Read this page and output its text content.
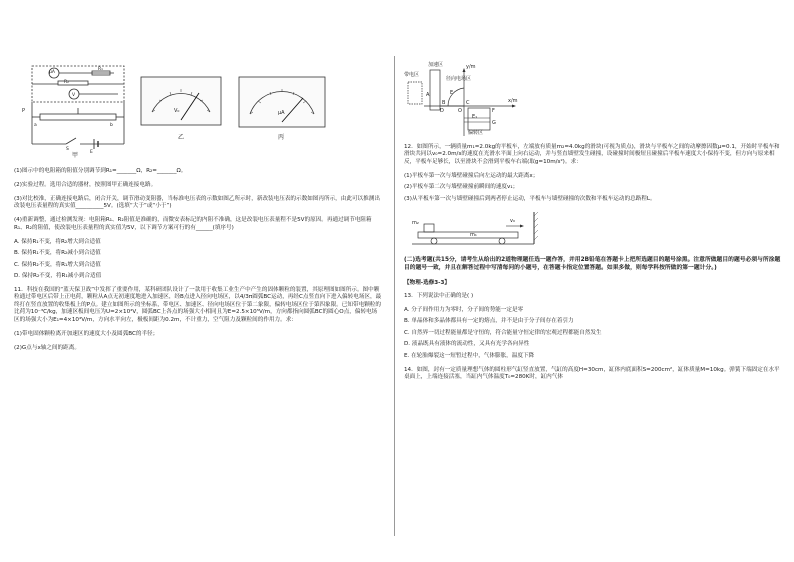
μA
V
R₁
R₂
P
a	b
S
E
V₀	μA
甲
乙	丙

(1)图示中的电阻箱的阻值分别调节到R₁=_______Ω，R₂=_______Ω。

(2)实验过程。选用合适的器材，按照图甲正确连接电路。

(3)对比校准，正确连接电路后，闭合开关，调节滑动变阻器，当标准电压表的示数如图乙所示时，新改装电压表的示数如图丙所示，由此可以推测出改装电压表量程的真实值__________5V。(选填“大于”或“小于”)

(4)重新调整，通过检测发现：电阻箱R₁、R₂阻值是准确的，而微安表标记的内阻不准确，这是改装电压表量程不是5V的原因。再通过调节电阻箱R₁、R₂的阻值，使改装电压表量程的真实值为5V，以下调节方案可行的有______(填序号)

A. 保持R₁不变，将R₂增大到合适值

B. 保持R₁不变，将R₂减小到合适值

C. 保持R₂不变，将R₁增大到合适值

D. 保持R₂不变，将R₁减小到合适值

11．科技在我国的“蓝天保卫战”中发挥了重要作用，某科研团队设计了一款用于收集工业生产中产生的固体颗粒的装置，其原理图如图所示。图中颗粒通过带电区后带上正电荷，颗粒从A点无初速度地进入加速区，经B点进入径向电场区，以4/3π圆弧BC运动，再经C点竖直向下进入偏转电场区，最终打在竖直放置的收集板上的P点。建立如图所示的坐标系，带电区、加速区、径向电场区位于第二象限，偏转电场区位于第四象限。已知带电颗粒的比荷为10⁻³C/kg，加速区板间电压为U=2×10⁴V，圆弧BC上各点的场强大小相同且为E=2.5×10⁵V/m，方向都指向圆弧BC的圆心O点，偏转电场区的场强大小为E₁=4×10⁴V/m，方向水平向左，极板间距为0.2m，不计重力，空气阻力及颗粒间的作用力。求：

(1)带电固体颗粒离开加速区的速度大小及圆弧BC的半径；

(2)G点与x轴之间的距离。

带电区
加速区
径向电场区
偏转区
y/m
x/m
A
B	C
D	O	F
G
E
E₁

12．如图所示，一辆质量m₁=2.0kg的平板车，左端放有质量m₂=4.0kg的滑块(可视为质点)，滑块与平板车之间的动摩擦因数μ=0.1，开始时平板车和滑块共同以v₀=2.0m/s的速度在光滑水平面上向右运动，并与竖直墙壁发生碰撞，设碰撞时间极短且碰撞后平板车速度大小保持不变，但方向与原来相反，平板车足够长，以至滑块不会滑到平板车右端(取g=10m/s²)。求：

(1)平板车第一次与墙壁碰撞后向左运动的最大距离x；

(2)平板车第二次与墙壁碰撞前瞬间的速度v₁；

(3)从平板车第一次与墙壁碰撞后到两者停止运动，平板车与墙壁碰撞的次数和平板车运动的总路程L。

m₂
m₁
v₀

(二)选考题(共15分，请考生从给出的2道物理题任选一题作答，并用2B铅笔在答题卡上把所选题目的题号涂黑。注意所做题目的题号必须与所涂题目的题号一致，并且在解答过程中写清每问的小题号，在答题卡指定位置答题。如果多做，则每学科按所做的第一题计分。)

【物理-选修3-3】

13．下列说法中正确的是( )

A. 分子间作用力为零时，分子间的势能一定是零

B. 单晶体和多晶体都具有一定的熔点，并不是由于分子间存在着引力

C. 自然界一切过程能量都是守恒的，符合能量守恒定律的宏观过程都能自然发生

D. 液晶既具有液体的流动性，又具有光学各向异性

E. 在轮胎爆裂这一短暂过程中，气体膨胀，温度下降

14．如图，封有一定质量理想气体的圆柱形气缸竖直放置，气缸的高度H=30cm，缸体内底面积S=200cm²，缸体质量M=10kg。弹簧下端固定在水平桌面上，上端连接活塞，当缸内气体温度T₀=280K时，缸内气体
